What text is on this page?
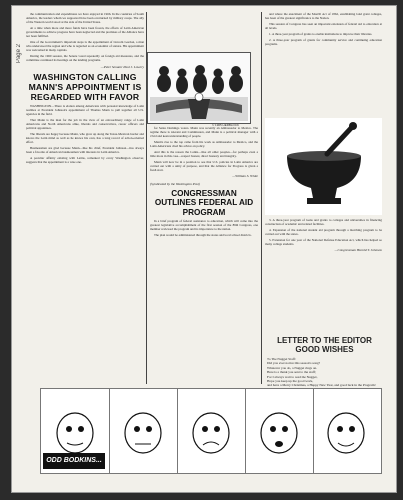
Page 2

the communication and expenditures we have enjoyed in 1966. In the countries of South America, the leaders whom we supported have been overturned by military coups. The ally of the Western world stood at the side of the United States.

At a time when more and more funds have been frozen, the efforts of Latin American governments to achieve progress have been neglected and the promises of the Alliance have not been fulfilled.

One of the Government's important steps is the appointment of Lincoln Gordon, a man who understood the region and who is regarded as an economist of stature. His appointment was welcomed in many capitals.

During the 1960 session, the Senate voted repeatedly on foreign aid measures, and the committee continued its hearings on the lending programs.

—Peter Senator Paul J. Lowery
WASHINGTON CALLING MANN'S APPOINTMENT IS REGARDED WITH FAVOR

WASHINGTON—There is elation among Americans with personal knowledge of Latin realities at President Johnson's appointment of Thomas Mann to pull together all U.S. agencies in the field.

That Mann is the man for the job in the view of an extraordinary range of Latin Americans and North Americans alike, liberals and conservatives, career officers and political appointees.

The liberals are happy because Mann, who grew up along the Texas-Mexican border and knows the Latin mind as well as he knows his own, has a long record of action-oriented effort.

Businessmen are glad because Mann—like his chief, President Johnson—has always been a favorite of American businessmen with interests in Latin America.

A peculiar affinity existing with Latins, remarked by every Washington observer, suggests that the appointment is a wise one.

© 1965 HERBLOCK

for Santo Domingo voters. Mann was recently an Ambassador to Mexico. The regime there is tolerant and Commission, and Mann is a political manager with a vivid and keen understanding of people.

Mann's rise to the top came from his work as Ambassador to Mexico, and the Latin Americans cited his advice on policy.

And this is the reason the Latins—like all other peoples—for perhaps even a little more in this case—respect honest, direct honesty and integrity.

Mann will now be in a position to see that U.S. policies in Latin America are carried out with a unity of purpose, and that the Alliance for Progress is given a fresh start.

—William S. White
(Syndicated by the Washington Post)
CONGRESSMAN OUTLINES FEDERAL AID PROGRAM

In a brief program of federal assistance to education, which will come into the greatest legislative accomplishment of the first session of the 89th Congress, one member reviewed the program and its importance to the nation.

The plan would be administered through the states and local school districts.

and where the enactment of the Morrill Act of 1862, establishing land grant colleges, has been of the greatest significance to the Nation.

This session of Congress has seen an important extension of federal aid to education at all levels.

1. A three-year program of grants to enable institutions to improve their libraries.

2. A three-year program of grants for community service and continuing education programs.

3. A three-year program of loans and grants to colleges and universities in financing construction of academic and related facilities.

4. Expansion of the national student aid program through a matching program to be carried out with the states.

5. Extension for one year of the National Defense Education Act, which has helped so many college students.

—Congressman Harold T. Johnson
LETTER TO THE EDITOR GOOD WISHES
To The Nugget Staff:
Did you ever notice this season's song?
Whatever you do, a Nugget rings on.
Here is a thank you sent to the staff;
For I always wait to read the Nugget,
Hope you keep up the good work,
and have a Merry Christmas, a Happy New Year, and good luck in the Program!
ODD BODKINS...
